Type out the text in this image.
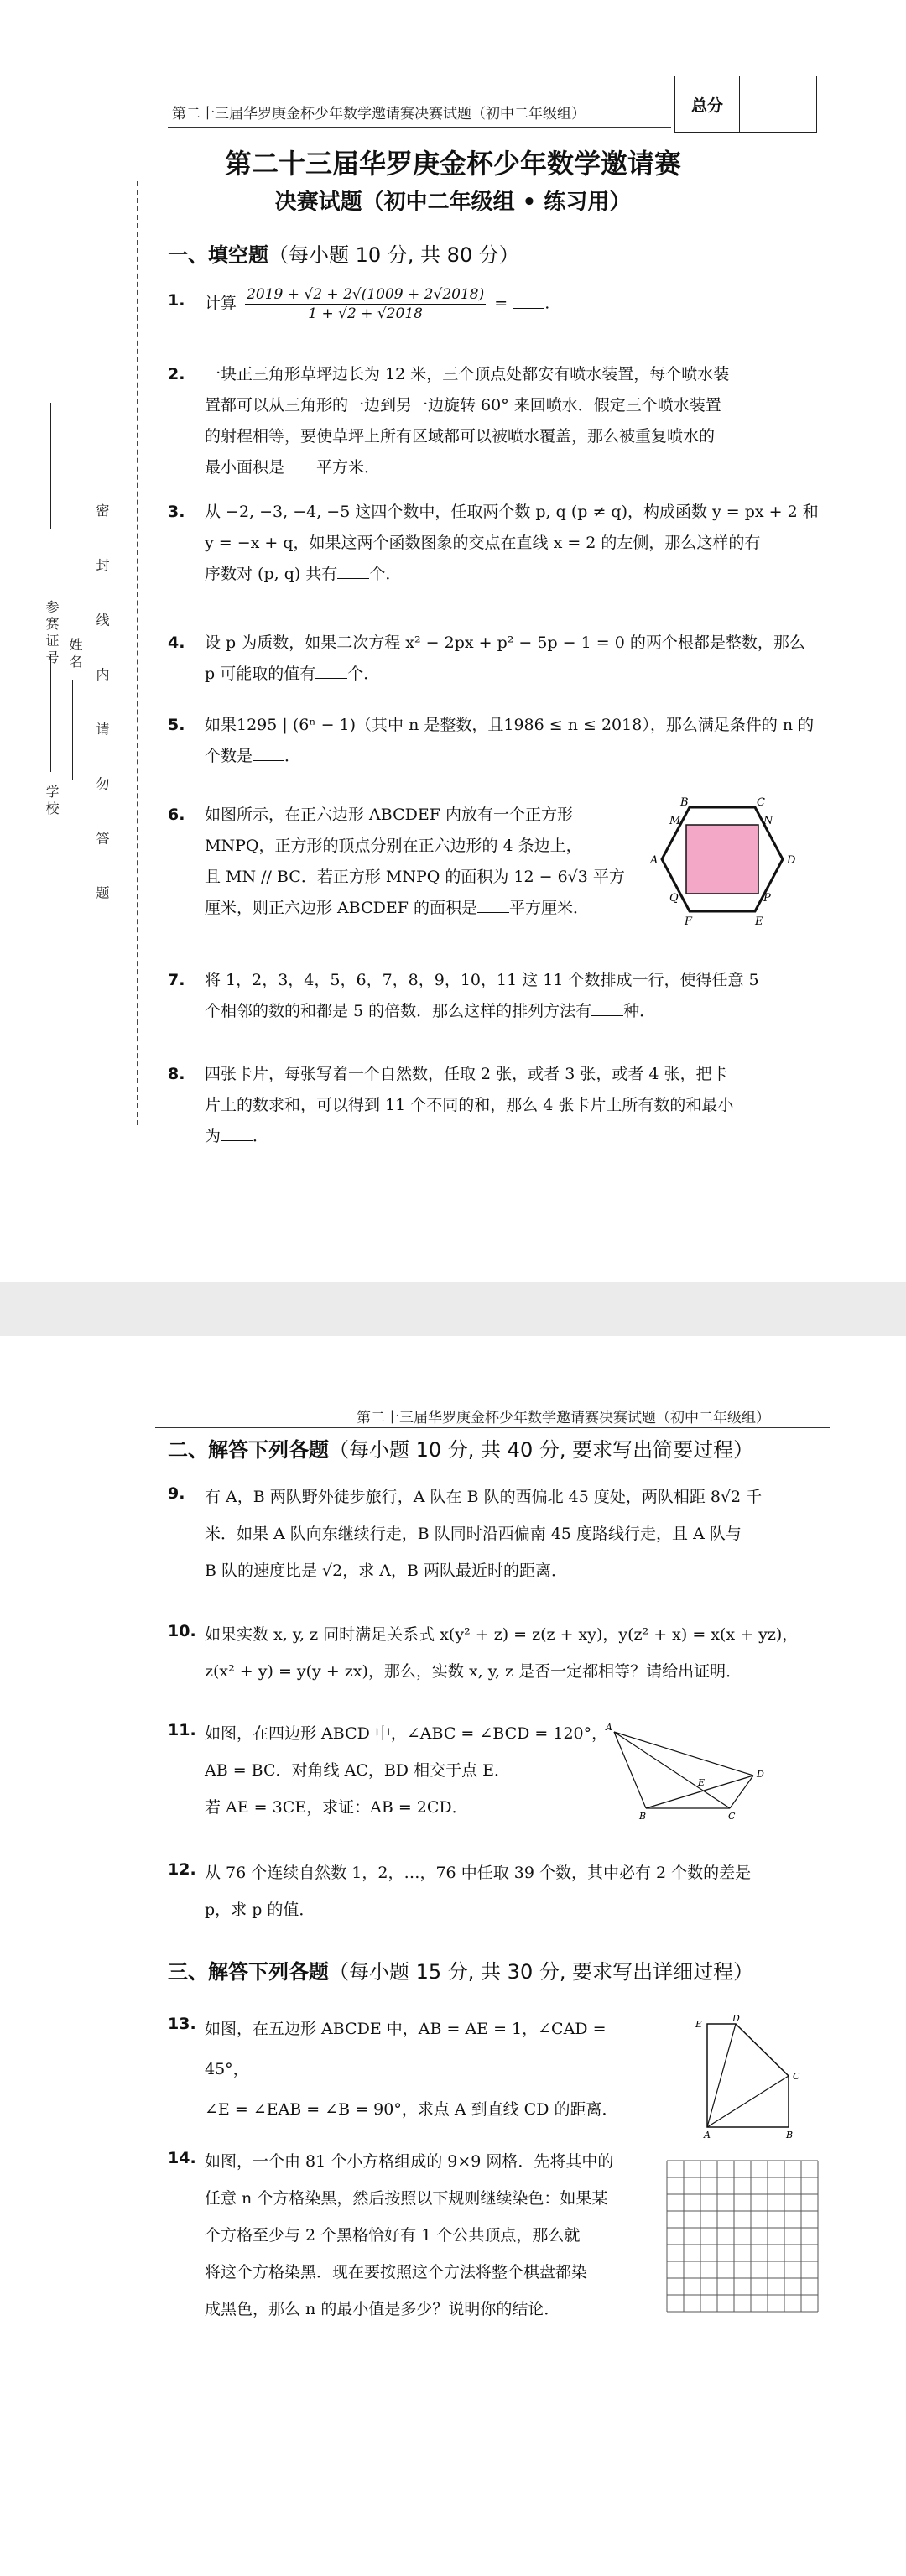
第二十三届华罗庚金杯少年数学邀请赛决赛试题（初中二年级组）	总分
第二十三届华罗庚金杯少年数学邀请赛
决赛试题（初中二年级组 • 练习用）
学校
参赛证号 姓名 密 封 线 内 请 勿 答 题
一、填空题（每小题 10 分, 共 80 分）
1. 计算 $\frac{2019 + √2 + 2√(1009 + 2√2018)}{1 + √2 + √2018}$ = .
2. 一块正三角形草坪边长为 12 米，三个顶点处都安有喷水装置，每个喷水装
置都可以从三角形的一边到另一边旋转 60° 来回喷水．假定三个喷水装置
的射程相等，要使草坪上所有区域都可以被喷水覆盖，那么被重复喷水的
最小面积是 平方米．
3. 从 −2, −3, −4, −5 这四个数中，任取两个数 p, q (p ≠ q)，构成函数 y = px + 2 和
y = −x + q，如果这两个函数图象的交点在直线 x = 2 的左侧，那么这样的有
序数对 (p, q) 共有 个．
4. 设 p 为质数，如果二次方程 x² − 2px + p² − 5p − 1 = 0 的两个根都是整数，那么
p 可能取的值有 个．
5. 如果1295 | (6ⁿ − 1)（其中 n 是整数，且1986 ≤ n ≤ 2018），那么满足条件的 n 的
个数是 ．
6. 如图所示，在正六边形 ABCDEF 内放有一个正方形
MNPQ，正方形的顶点分别在正六边形的 4 条边上，
且 MN // BC．若正方形 MNPQ 的面积为 12 − 6√3 平方
厘米，则正六边形 ABCDEF 的面积是 平方厘米．
B	C
D
E
F
A
M	N
P
Q
7. 将 1，2，3，4，5，6，7，8，9，10，11 这 11 个数排成一行，使得任意 5
个相邻的数的和都是 5 的倍数．那么这样的排列方法有 种．
8. 四张卡片，每张写着一个自然数，任取 2 张，或者 3 张，或者 4 张，把卡
片上的数求和，可以得到 11 个不同的和，那么 4 张卡片上所有数的和最小
为 ．
第二十三届华罗庚金杯少年数学邀请赛决赛试题（初中二年级组）
二、解答下列各题（每小题 10 分, 共 40 分, 要求写出简要过程）
9. 有 A，B 两队野外徒步旅行，A 队在 B 队的西偏北 45 度处，两队相距 8√2 千
米．如果 A 队向东继续行走，B 队同时沿西偏南 45 度路线行走，且 A 队与
B 队的速度比是 √2，求 A，B 两队最近时的距离．
10. 如果实数 x, y, z 同时满足关系式 x(y² + z) = z(z + xy)，y(z² + x) = x(x + yz)，
z(x² + y) = y(y + zx)，那么，实数 x, y, z 是否一定都相等？请给出证明．
11. 如图，在四边形 ABCD 中，∠ABC = ∠BCD = 120°，
AB = BC．对角线 AC，BD 相交于点 E．
若 AE = 3CE，求证：AB = 2CD．
A
B	C
D
E
12. 从 76 个连续自然数 1，2，…，76 中任取 39 个数，其中必有 2 个数的差是
p，求 p 的值．
三、解答下列各题（每小题 15 分, 共 30 分, 要求写出详细过程）
13. 如图，在五边形 ABCDE 中，AB = AE = 1，∠CAD = 45°，
∠E = ∠EAB = ∠B = 90°，求点 A 到直线 CD 的距离．
E
D
C
B
A
14. 如图，一个由 81 个小方格组成的 9×9 网格．先将其中的
任意 n 个方格染黑，然后按照以下规则继续染色：如果某
个方格至少与 2 个黑格恰好有 1 个公共顶点，那么就
将这个方格染黑．现在要按照这个方法将整个棋盘都染
成黑色，那么 n 的最小值是多少？说明你的结论．
